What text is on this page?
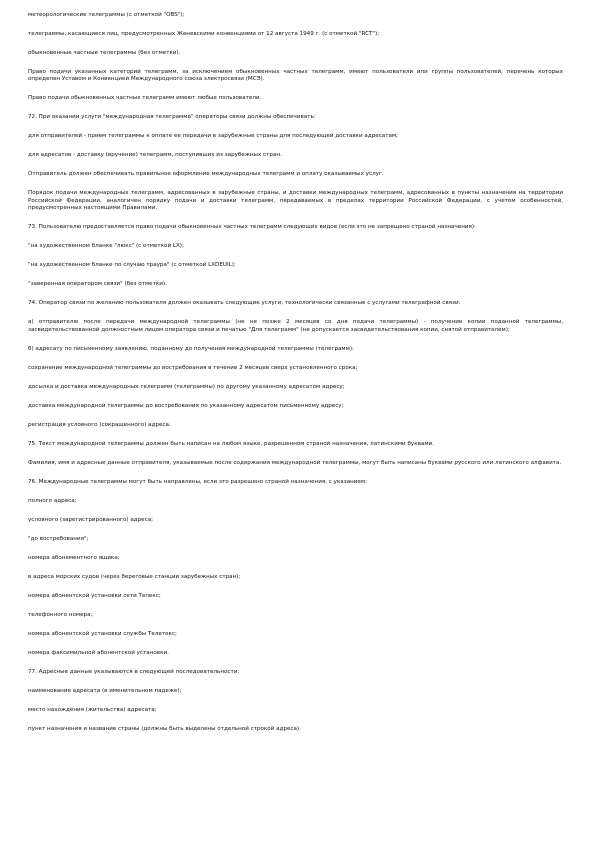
метеорологические телеграммы (с отметкой "OBS");

телеграммы, касающиеся лиц, предусмотренных Женевскими конвенциями от 12 августа 1949 г. (с отметкой "RCT");

обыкновенные частные телеграммы (без отметки).

Право подачи указанных категорий телеграмм, за исключением обыкновенных частных телеграмм, имеют пользователи или группы пользователей, перечень которых определен Уставом и Конвенцией Международного союза электросвязи (МСЭ).

Право подачи обыкновенных частных телеграмм имеют любые пользователи.

72. При оказании услуги "международная телеграмма" операторы связи должны обеспечивать:

для отправителей - прием телеграммы к оплате ее передачи в зарубежные страны для последующей доставки адресатам;

для адресатов - доставку (вручение) телеграмм, поступивших из зарубежных стран.

Отправитель должен обеспечивать правильное оформление международных телеграмм и оплату оказываемых услуг.

Порядок подачи международных телеграмм, адресованных в зарубежные страны, и доставки международных телеграмм, адресованных в пункты назначения на территории Российской Федерации, аналогичен порядку подачи и доставки телеграмм, передаваемых в пределах территории Российской Федерации, с учетом особенностей, предусмотренных настоящими Правилами.

73. Пользователю предоставляется право подачи обыкновенных частных телеграмм следующих видов (если это не запрещено страной назначения):

"на художественном бланке "люкс" (с отметкой LX);

"на художественном бланке по случаю траура" (с отметкой LXDEUIL);

"заверенная оператором связи" (без отметки).

74. Оператор связи по желанию пользователя должен оказывать следующие услуги, технологически связанные с услугами телеграфной связи:

а) отправителю после передачи международной телеграммы (не не позже 2 месяцев со дня подачи телеграммы) - получение копии поданной телеграммы, засвидетельствованной должностным лицом оператора связи и печатью "Для телеграмм" (не допускается засвидетельствования копии, снятой отправителем);

б) адресату по письменному заявлению, поданному до получения международной телеграммы (телеграмм):

сохранение международной телеграммы до востребования в течение 2 месяцев сверх установленного срока;

досылка и доставка международных телеграмм (телеграммы) по другому указанному адресатом адресу;

доставка международной телеграммы до востребования по указанному адресатом письменному адресу;

регистрация условного (сокращенного) адреса.

75. Текст международной телеграммы должен быть написан на любом языке, разрешенном страной назначения, латинскими буквами.

Фамилия, имя и адресные данные отправителя, указываемые после содержания международной телеграммы, могут быть написаны буквами русского или латинского алфавита.

76. Международные телеграммы могут быть направлены, если это разрешено страной назначения, с указанием:

полного адреса;

условного (зарегистрированного) адреса;

"до востребования";

номера абонементного ящика;

в адреса морских судов (через береговые станции зарубежных стран);

номера абонентской установки сети Телекс;

телефонного номера;

номера абонентской установки службы Телетекс;

номера факсимильной абонентской установки.

77. Адресные данные указываются в следующей последовательности:

наименование адресата (в именительном падеже);

место нахождения (жительства) адресата;

пункт назначения и название страны (должны быть выделены отдельной строкой адреса).
